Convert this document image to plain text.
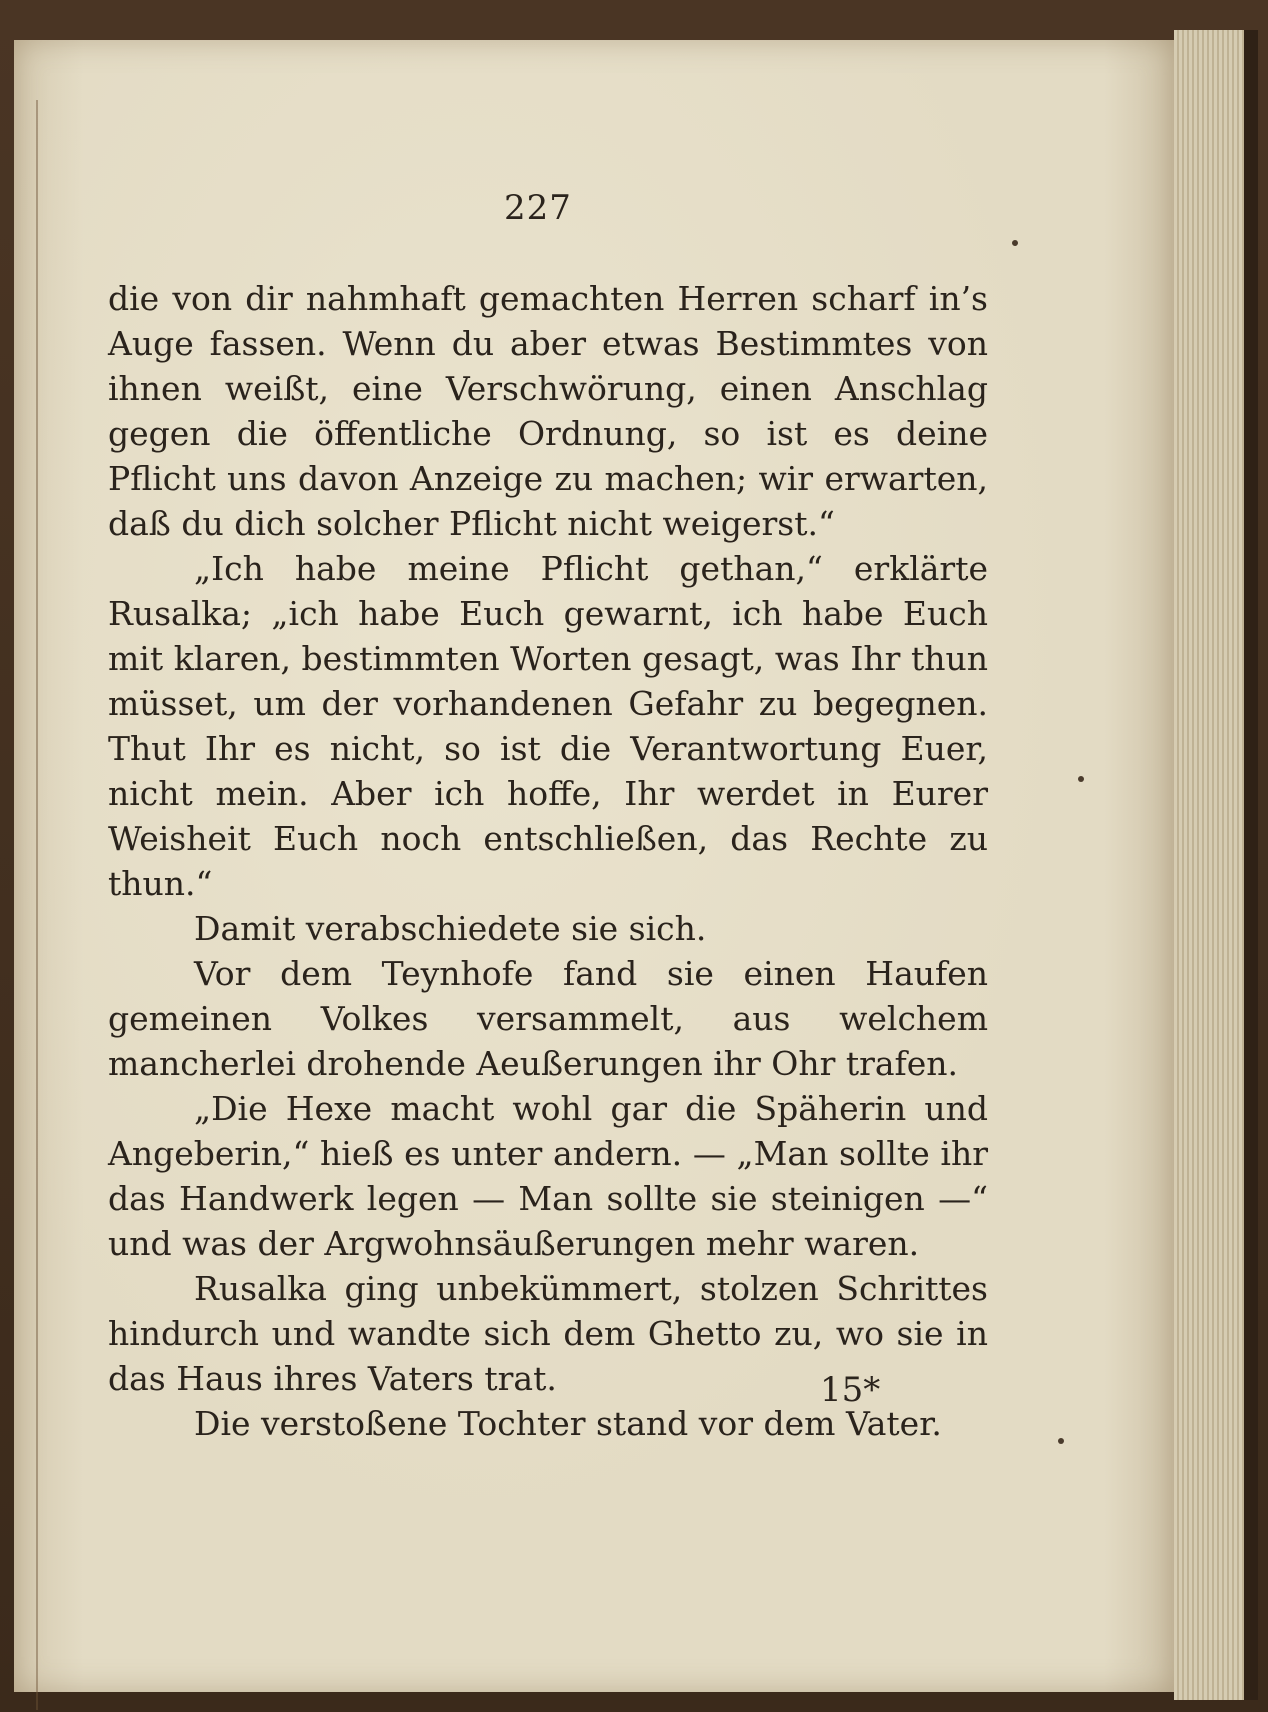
227

die von dir nahmhaft gemachten Herren scharf in’s Auge fassen. Wenn du aber etwas Bestimmtes von ihnen weißt, eine Verschwörung, einen Anschlag gegen die öffentliche Ordnung, so ist es deine Pflicht uns davon Anzeige zu machen; wir erwarten, daß du dich solcher Pflicht nicht weigerst.“

„Ich habe meine Pflicht gethan,“ erklärte Rusalka; „ich habe Euch gewarnt, ich habe Euch mit klaren, bestimmten Worten gesagt, was Ihr thun müsset, um der vorhandenen Gefahr zu begegnen. Thut Ihr es nicht, so ist die Verantwortung Euer, nicht mein. Aber ich hoffe, Ihr werdet in Eurer Weisheit Euch noch entschließen, das Rechte zu thun.“

Damit verabschiedete sie sich.

Vor dem Teynhofe fand sie einen Haufen gemeinen Volkes versammelt, aus welchem mancherlei drohende Aeußerungen ihr Ohr trafen.

„Die Hexe macht wohl gar die Späherin und Angeberin,“ hieß es unter andern. — „Man sollte ihr das Handwerk legen — Man sollte sie steinigen —“ und was der Argwohnsäußerungen mehr waren.

Rusalka ging unbekümmert, stolzen Schrittes hindurch und wandte sich dem Ghetto zu, wo sie in das Haus ihres Vaters trat.

Die verstoßene Tochter stand vor dem Vater.

15*
